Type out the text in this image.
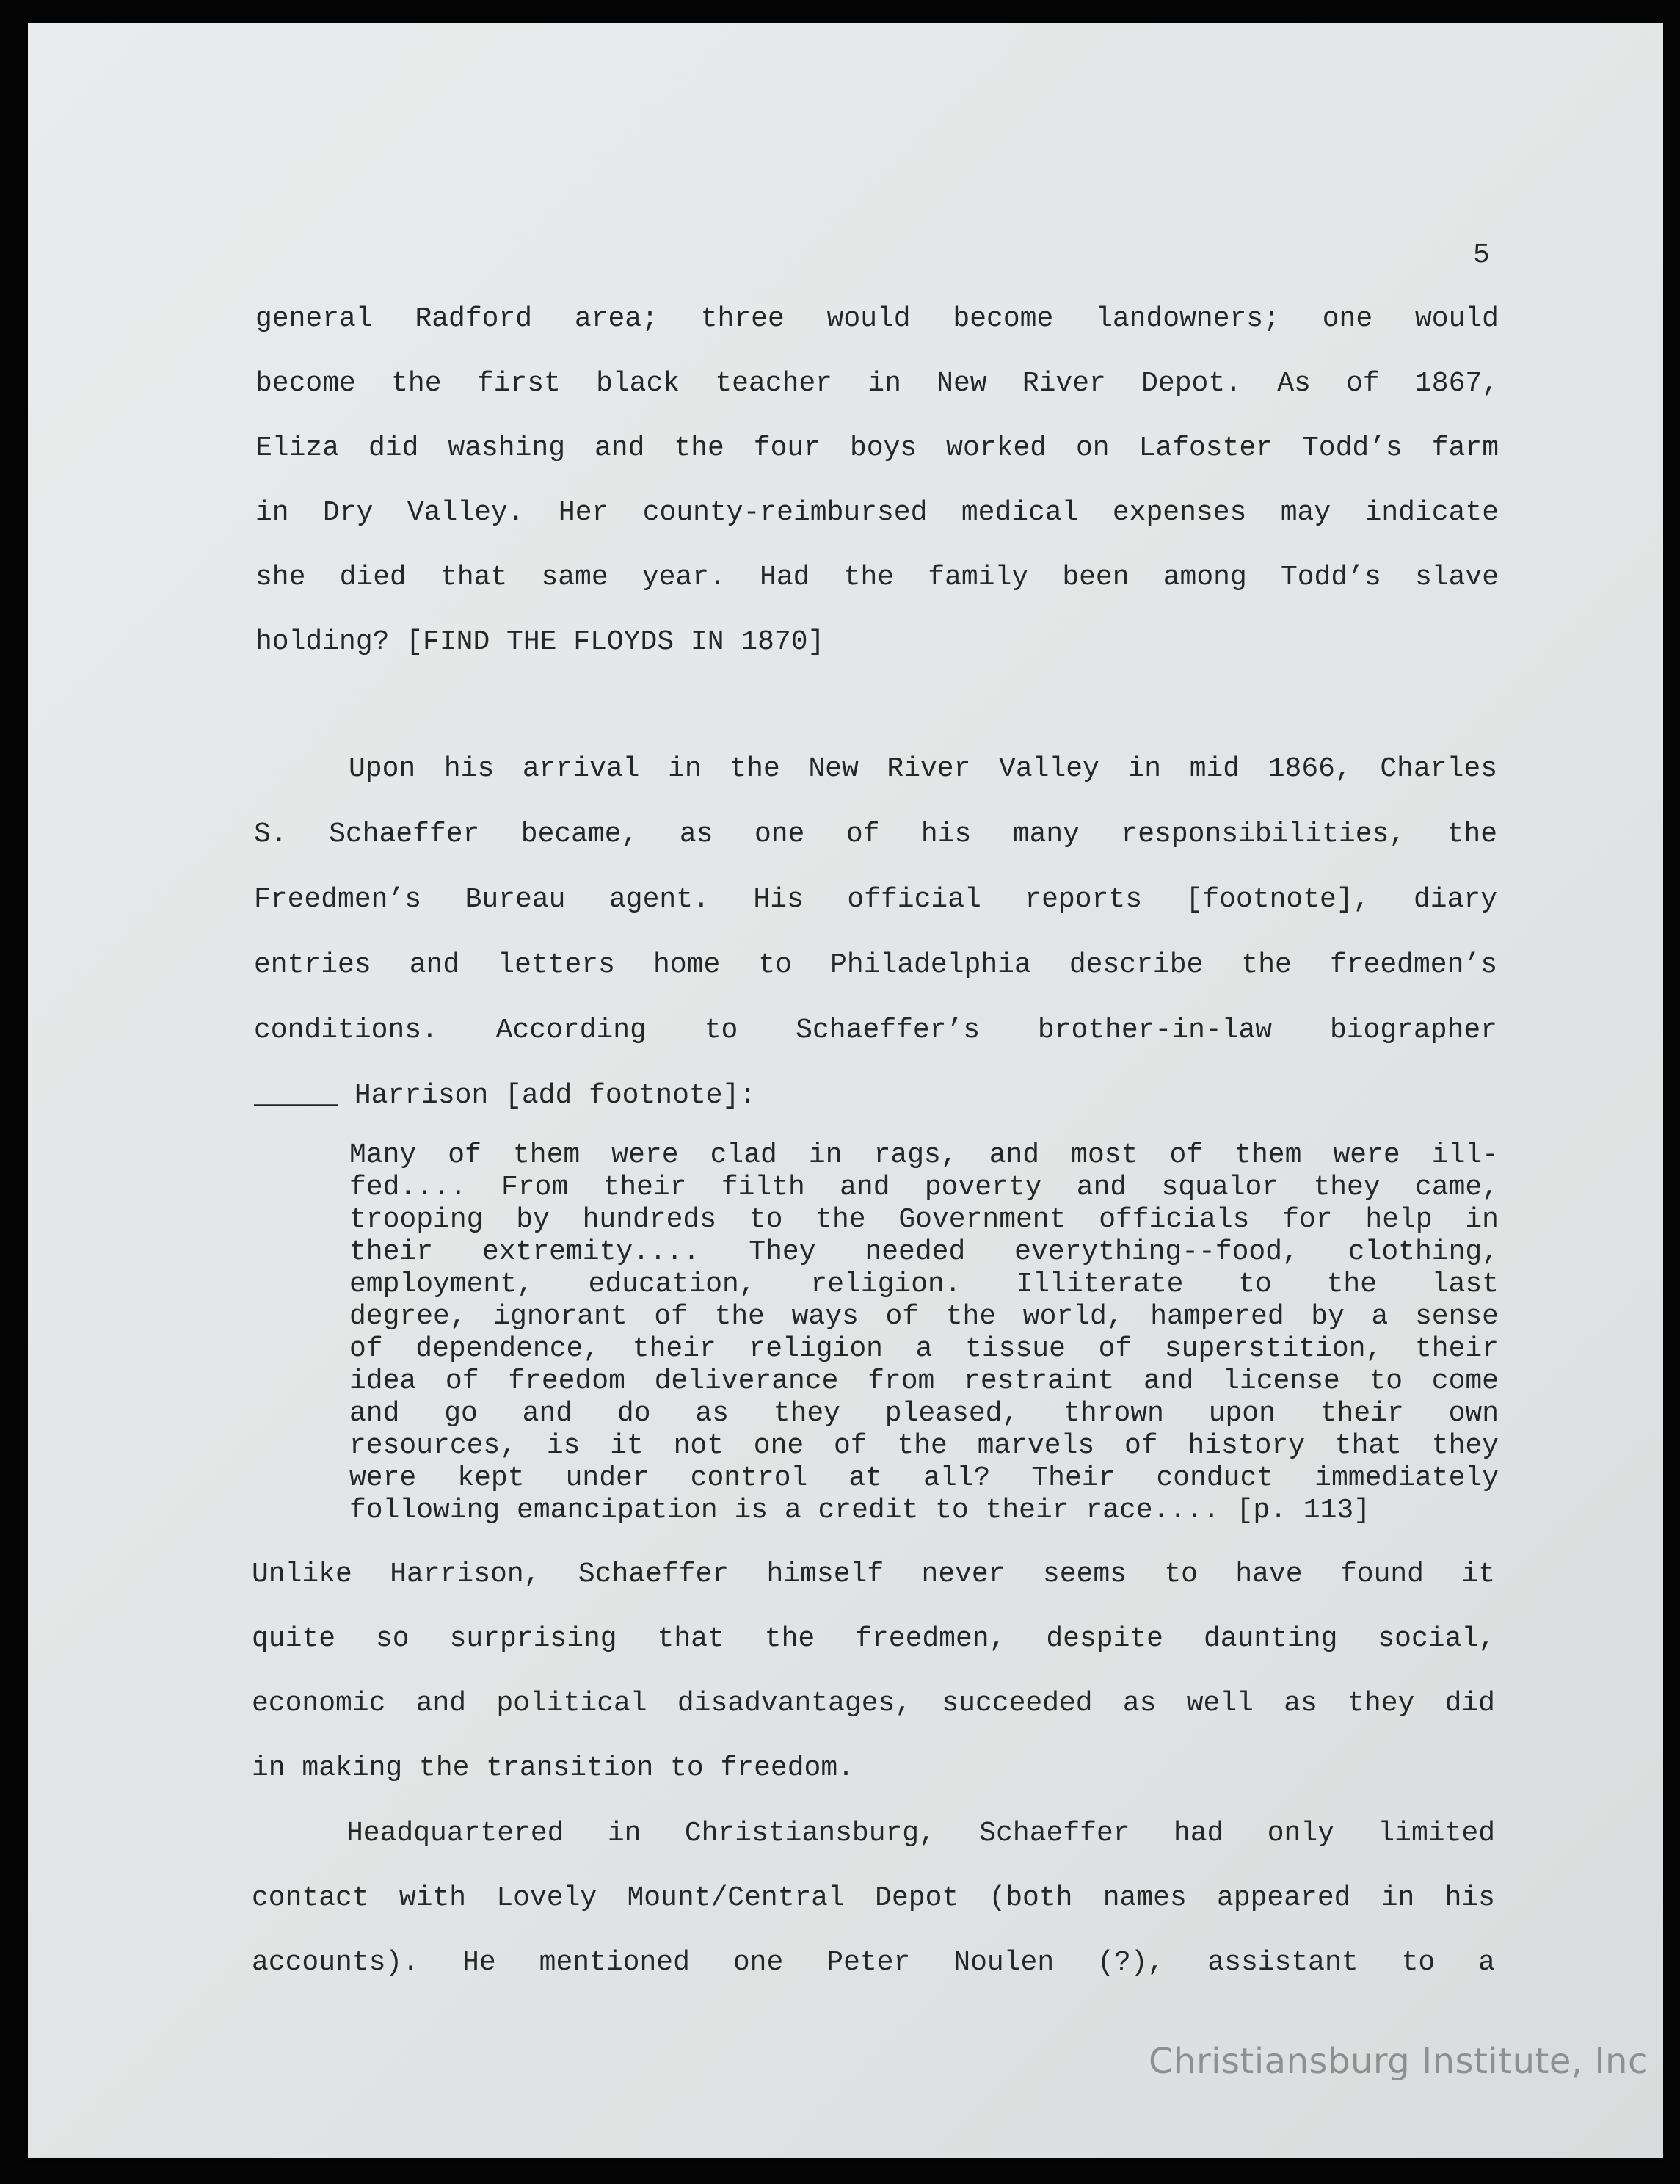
5
general Radford area; three would become landowners; one would
become the first black teacher in New River Depot. As of 1867,
Eliza did washing and the four boys worked on Lafoster Todd’s farm
in Dry Valley. Her county-reimbursed medical expenses may indicate
she died that same year. Had the family been among Todd’s slave
holding? [FIND THE FLOYDS IN 1870]
Upon his arrival in the New River Valley in mid 1866, Charles
S. Schaeffer became, as one of his many responsibilities, the
Freedmen’s Bureau agent. His official reports [footnote], diary
entries and letters home to Philadelphia describe the freedmen’s
conditions. According to Schaeffer’s brother-in-law biographer
_____ Harrison [add footnote]:
Many of them were clad in rags, and most of them were ill-
fed.... From their filth and poverty and squalor they came,
trooping by hundreds to the Government officials for help in
their extremity.... They needed everything--food, clothing,
employment, education, religion. Illiterate to the last
degree, ignorant of the ways of the world, hampered by a sense
of dependence, their religion a tissue of superstition, their
idea of freedom deliverance from restraint and license to come
and go and do as they pleased, thrown upon their own
resources, is it not one of the marvels of history that they
were kept under control at all? Their conduct immediately
following emancipation is a credit to their race.... [p. 113]
Unlike Harrison, Schaeffer himself never seems to have found it
quite so surprising that the freedmen, despite daunting social,
economic and political disadvantages, succeeded as well as they did
in making the transition to freedom.
Headquartered in Christiansburg, Schaeffer had only limited
contact with Lovely Mount/Central Depot (both names appeared in his
accounts). He mentioned one Peter Noulen (?), assistant to a
Christiansburg Institute, Inc
